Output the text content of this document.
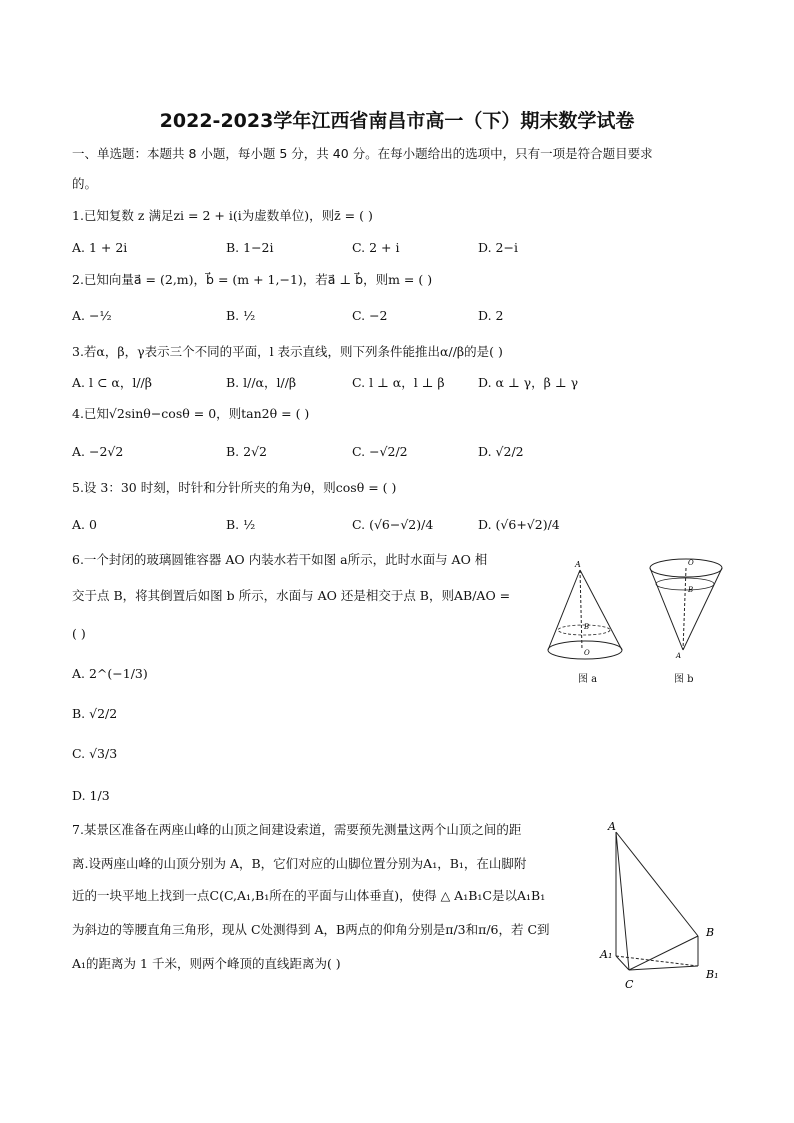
2022-2023学年江西省南昌市高一（下）期末数学试卷
一、单选题：本题共 8 小题，每小题 5 分，共 40 分。在每小题给出的选项中，只有一项是符合题目要求
的。
1.已知复数 z 满足zi = 2 + i(i为虚数单位)，则z̄ = ( )
A. 1 + 2i	B. 1−2i	C. 2 + i	D. 2−i
2.已知向量a⃗ = (2,m)，b⃗ = (m + 1,−1)，若a⃗ ⊥ b⃗，则m = ( )
A. −½	B. ½	C. −2	D. 2
3.若α，β，γ表示三个不同的平面，l 表示直线，则下列条件能推出α//β的是( )
A. l ⊂ α，l//β	B. l//α，l//β	C. l ⊥ α，l ⊥ β	D. α ⊥ γ，β ⊥ γ
4.已知√2sinθ−cosθ = 0，则tan2θ = ( )
A. −2√2	B. 2√2	C. −√2/2	D. √2/2
5.设 3：30 时刻，时针和分针所夹的角为θ，则cosθ = ( )
A. 0	B. ½	C. (√6−√2)/4	D. (√6+√2)/4
6.一个封闭的玻璃圆锥容器 AO 内装水若干如图 a所示，此时水面与 AO 相
交于点 B，将其倒置后如图 b 所示，水面与 AO 还是相交于点 B，则AB/AO =
( )
A. 2^(−1/3)
B. √2/2
C. √3/3
D. 1/3
A
B
O
图 a
O
B
A
图 b
7.某景区准备在两座山峰的山顶之间建设索道，需要预先测量这两个山顶之间的距
离.设两座山峰的山顶分别为 A，B，它们对应的山脚位置分别为A₁，B₁，在山脚附
近的一块平地上找到一点C(C,A₁,B₁所在的平面与山体垂直)，使得 △ A₁B₁C是以A₁B₁
为斜边的等腰直角三角形，现从 C处测得到 A，B两点的仰角分别是π/3和π/6，若 C到
A₁的距离为 1 千米，则两个峰顶的直线距离为( )
A
B
A₁
B₁
C
